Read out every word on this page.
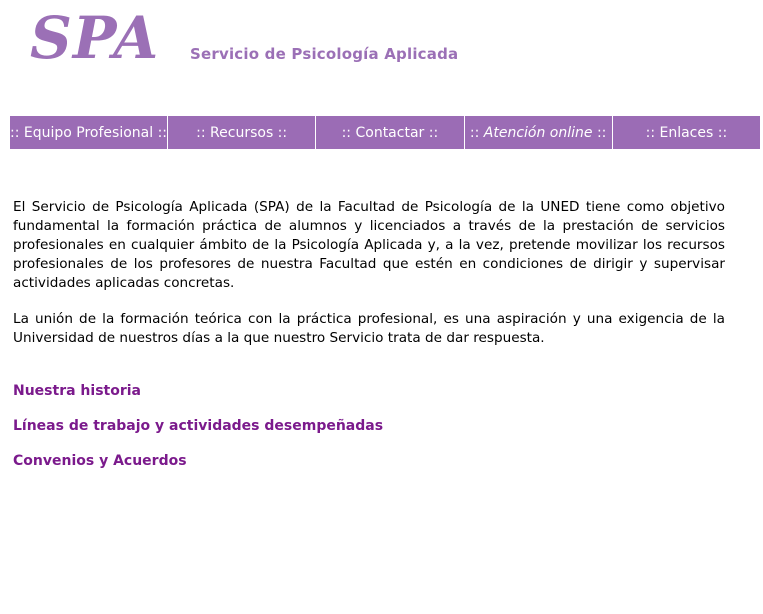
SPA Servicio de Psicología Aplicada
:: Equipo Profesional ::	:: Recursos ::	:: Contactar ::	:: Atención online ::	:: Enlaces ::

El Servicio de Psicología Aplicada (SPA) de la Facultad de Psicología de la UNED tiene como objetivo fundamental la formación práctica de alumnos y licenciados a través de la prestación de servicios profesionales en cualquier ámbito de la Psicología Aplicada y, a la vez, pretende movilizar los recursos profesionales de los profesores de nuestra Facultad que estén en condiciones de dirigir y supervisar actividades aplicadas concretas.

La unión de la formación teórica con la práctica profesional, es una aspiración y una exigencia de la Universidad de nuestros días a la que nuestro Servicio trata de dar respuesta.

Nuestra historia
Líneas de trabajo y actividades desempeñadas
Convenios y Acuerdos
